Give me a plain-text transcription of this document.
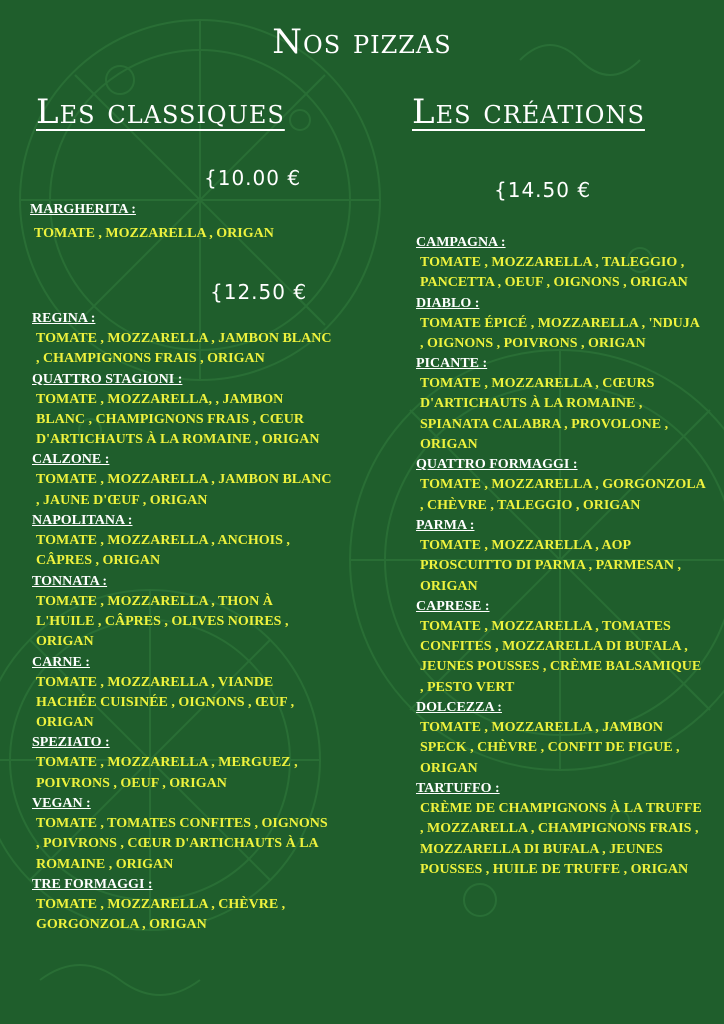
Nos pizzas
Les classiques	Les créations
{10.00 €
{12.50 €
{14.50 €
MARGHERITA :
TOMATE , MOZZARELLA , ORIGAN
REGINA :
TOMATE , MOZZARELLA , JAMBON BLANC , CHAMPIGNONS FRAIS , ORIGAN
QUATTRO STAGIONI :
TOMATE , MOZZARELLA, , JAMBON BLANC , CHAMPIGNONS FRAIS , CŒUR D'ARTICHAUTS À LA ROMAINE , ORIGAN
CALZONE :
TOMATE , MOZZARELLA , JAMBON BLANC , JAUNE D'ŒUF , ORIGAN
NAPOLITANA :
TOMATE , MOZZARELLA , ANCHOIS , CÂPRES , ORIGAN
TONNATA :
TOMATE , MOZZARELLA , THON À L'HUILE , CÂPRES , OLIVES NOIRES , ORIGAN
CARNE :
TOMATE , MOZZARELLA , VIANDE HACHÉE CUISINÉE , OIGNONS , ŒUF , ORIGAN
SPEZIATO :
TOMATE , MOZZARELLA , MERGUEZ , POIVRONS , OEUF , ORIGAN
VEGAN :
TOMATE , TOMATES CONFITES , OIGNONS , POIVRONS , CŒUR D'ARTICHAUTS À LA ROMAINE , ORIGAN
TRE FORMAGGI :
TOMATE , MOZZARELLA , CHÈVRE , GORGONZOLA , ORIGAN
CAMPAGNA :
TOMATE , MOZZARELLA , TALEGGIO , PANCETTA , OEUF , OIGNONS , ORIGAN
DIABLO :
TOMATE ÉPICÉ , MOZZARELLA , 'NDUJA , OIGNONS , POIVRONS , ORIGAN
PICANTE :
TOMATE , MOZZARELLA , CŒURS D'ARTICHAUTS À LA ROMAINE , SPIANATA CALABRA , PROVOLONE , ORIGAN
QUATTRO FORMAGGI :
TOMATE , MOZZARELLA , GORGONZOLA , CHÈVRE , TALEGGIO , ORIGAN
PARMA :
TOMATE , MOZZARELLA , AOP PROSCUITTO DI PARMA , PARMESAN , ORIGAN
CAPRESE :
TOMATE , MOZZARELLA , TOMATES CONFITES , MOZZARELLA DI BUFALA , JEUNES POUSSES , CRÈME BALSAMIQUE , PESTO VERT
DOLCEZZA :
TOMATE , MOZZARELLA , JAMBON SPECK , CHÈVRE , CONFIT DE FIGUE , ORIGAN
TARTUFFO :
CRÈME DE CHAMPIGNONS À LA TRUFFE , MOZZARELLA , CHAMPIGNONS FRAIS , MOZZARELLA DI BUFALA , JEUNES POUSSES , HUILE DE TRUFFE , ORIGAN
